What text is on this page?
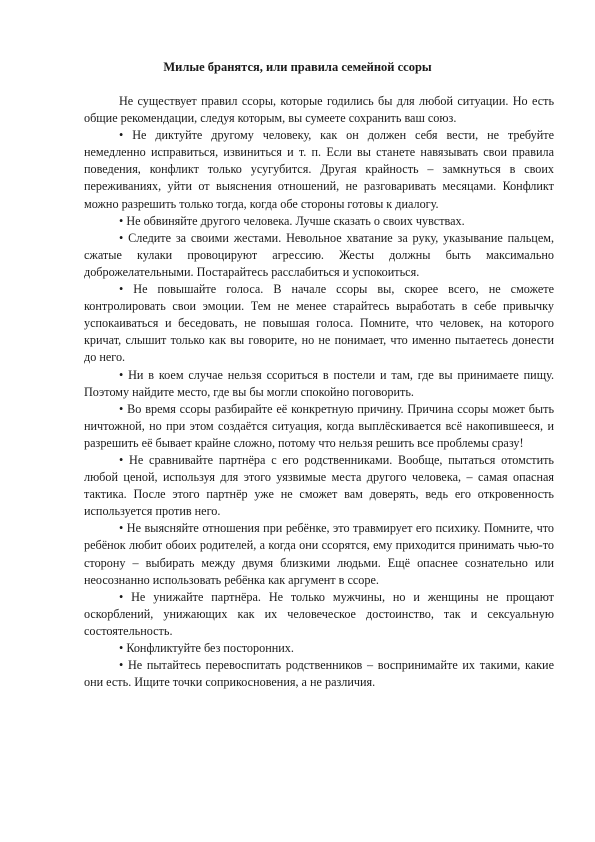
Милые бранятся, или правила семейной ссоры

Не существует правил ссоры, которые годились бы для любой ситуации. Но есть общие рекомендации, следуя которым, вы сумеете сохранить ваш союз.

• Не диктуйте другому человеку, как он должен себя вести, не требуйте немедленно исправиться, извиниться и т. п. Если вы станете навязывать свои правила поведения, конфликт только усугубится. Другая крайность – замкнуться в своих переживаниях, уйти от выяснения отношений, не разговаривать месяцами. Конфликт можно разрешить только тогда, когда обе стороны готовы к диалогу.

• Не обвиняйте другого человека. Лучше сказать о своих чувствах.

• Следите за своими жестами. Невольное хватание за руку, указывание пальцем, сжатые кулаки провоцируют агрессию. Жесты должны быть максимально доброжелательными. Постарайтесь расслабиться и успокоиться.

• Не повышайте голоса. В начале ссоры вы, скорее всего, не сможете контролировать свои эмоции. Тем не менее старайтесь выработать в себе привычку успокаиваться и беседовать, не повышая голоса. Помните, что человек, на которого кричат, слышит только как вы говорите, но не понимает, что именно пытаетесь донести до него.

• Ни в коем случае нельзя ссориться в постели и там, где вы принимаете пищу. Поэтому найдите место, где вы бы могли спокойно поговорить.

• Во время ссоры разбирайте её конкретную причину. Причина ссоры может быть ничтожной, но при этом создаётся ситуация, когда выплёскивается всё накопившееся, и разрешить её бывает крайне сложно, потому что нельзя решить все проблемы сразу!

• Не сравнивайте партнёра с его родственниками. Вообще, пытаться отомстить любой ценой, используя для этого уязвимые места другого человека, – самая опасная тактика. После этого партнёр уже не сможет вам доверять, ведь его откровенность используется против него.

• Не выясняйте отношения при ребёнке, это травмирует его психику. Помните, что ребёнок любит обоих родителей, а когда они ссорятся, ему приходится принимать чью-то сторону – выбирать между двумя близкими людьми. Ещё опаснее сознательно или неосознанно использовать ребёнка как аргумент в ссоре.

• Не унижайте партнёра. Не только мужчины, но и женщины не прощают оскорблений, унижающих как их человеческое достоинство, так и сексуальную состоятельность.

• Конфликтуйте без посторонних.

• Не пытайтесь перевоспитать родственников – воспринимайте их такими, какие они есть. Ищите точки соприкосновения, а не различия.
